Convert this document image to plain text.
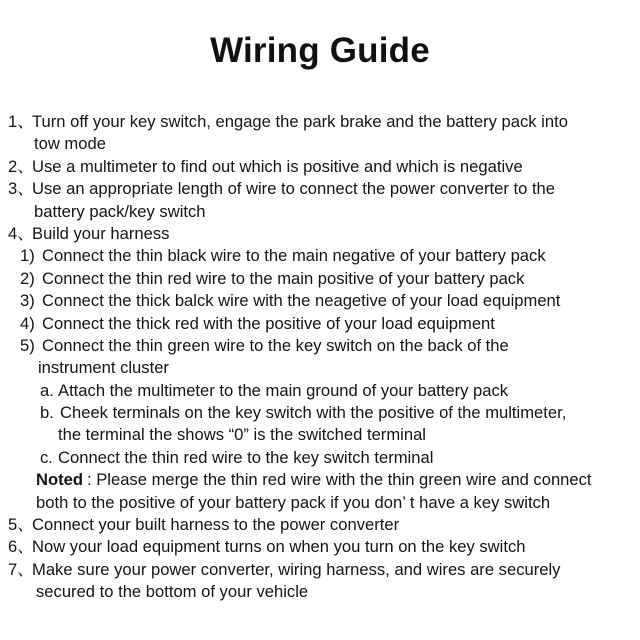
Wiring Guide
1、
Turn off your key switch, engage the park brake and the battery pack into
tow mode
2、
Use a multimeter to find out which is positive and which is negative
3、
Use an appropriate length of wire to connect the power converter to the
battery pack/key switch
4、
Build your harness
1) Connect the thin black wire to the main negative of your battery pack
2) Connect the thin red wire to the main positive of your battery pack
3) Connect the thick balck wire with the neagetive of your load equipment
4) Connect the thick red with the positive of your load equipment
5) Connect the thin green wire to the key switch on the back of the
instrument cluster
a. Attach the multimeter to the main ground of your battery pack
b. Cheek terminals on the key switch with the positive of the multimeter,
the terminal the shows “0” is the switched terminal
c. Connect the thin red wire to the key switch terminal
Noted : Please merge the thin red wire with the thin green wire and connect
both to the positive of your battery pack if you don’ t have a key switch
5、
Connect your built harness to the power converter
6、
Now your load equipment turns on when you turn on the key switch
7、
Make sure your power converter, wiring harness, and wires are securely
secured to the bottom of your vehicle
